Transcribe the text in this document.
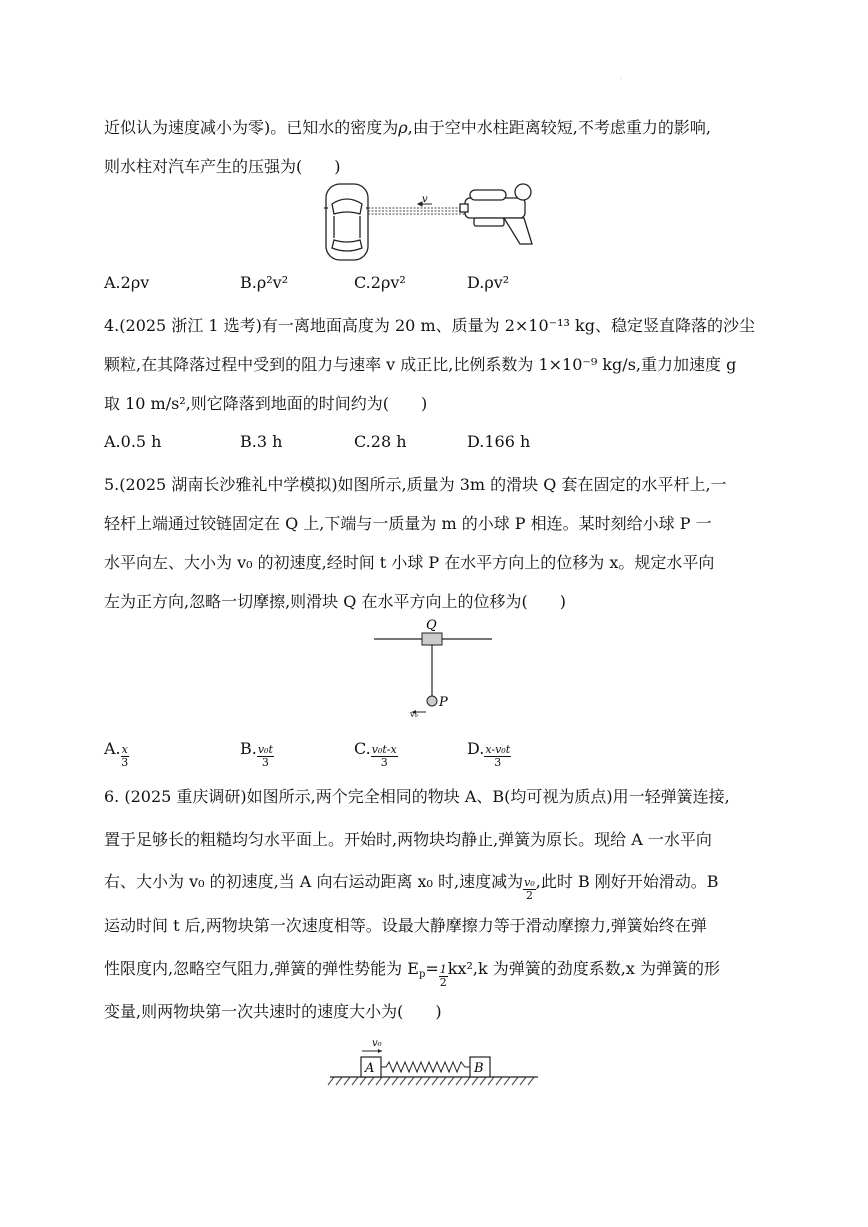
.
近似认为速度减小为零)。已知水的密度为ρ,由于空中水柱距离较短,不考虑重力的影响,
则水柱对汽车产生的压强为(　　)
v
A.2ρv	B.ρ²v²	C.2ρv²	D.ρv²
4.(2025 浙江 1 选考)有一离地面高度为 20 m、质量为 2×10⁻¹³ kg、稳定竖直降落的沙尘
颗粒,在其降落过程中受到的阻力与速率 v 成正比,比例系数为 1×10⁻⁹ kg/s,重力加速度 g
取 10 m/s²,则它降落到地面的时间约为(　　)
A.0.5 h	B.3 h	C.28 h	D.166 h
5.(2025 湖南长沙雅礼中学模拟)如图所示,质量为 3m 的滑块 Q 套在固定的水平杆上,一
轻杆上端通过铰链固定在 Q 上,下端与一质量为 m 的小球 P 相连。某时刻给小球 P 一
水平向左、大小为 v₀ 的初速度,经时间 t 小球 P 在水平方向上的位移为 x。规定水平向
左为正方向,忽略一切摩擦,则滑块 Q 在水平方向上的位移为(　　)
Q
P
v₀
A. $\frac{x}{3}$	B. $\frac{\text{v₀t}}{3}$	C. $\frac{\text{v₀t-x}}{3}$	D. $\frac{\text{x-v₀t}}{3}$
6. (2025 重庆调研)如图所示,两个完全相同的物块 A、B(均可视为质点)用一轻弹簧连接,
置于足够长的粗糙均匀水平面上。开始时,两物块均静止,弹簧为原长。现给 A 一水平向
右、大小为 v₀ 的初速度,当 A 向右运动距离 x₀ 时,速度减为 $\frac{\text{v₀}}{2}$ ,此时 B 刚好开始滑动。B
运动时间 t 后,两物块第一次速度相等。设最大静摩擦力等于滑动摩擦力,弹簧始终在弹
性限度内,忽略空气阻力,弹簧的弹性势能为 $E_p= \frac{1}{2} kx^2,k$ 为弹簧的劲度系数,x 为弹簧的形
变量,则两物块第一次共速时的速度大小为(　　)
A	B
v₀
